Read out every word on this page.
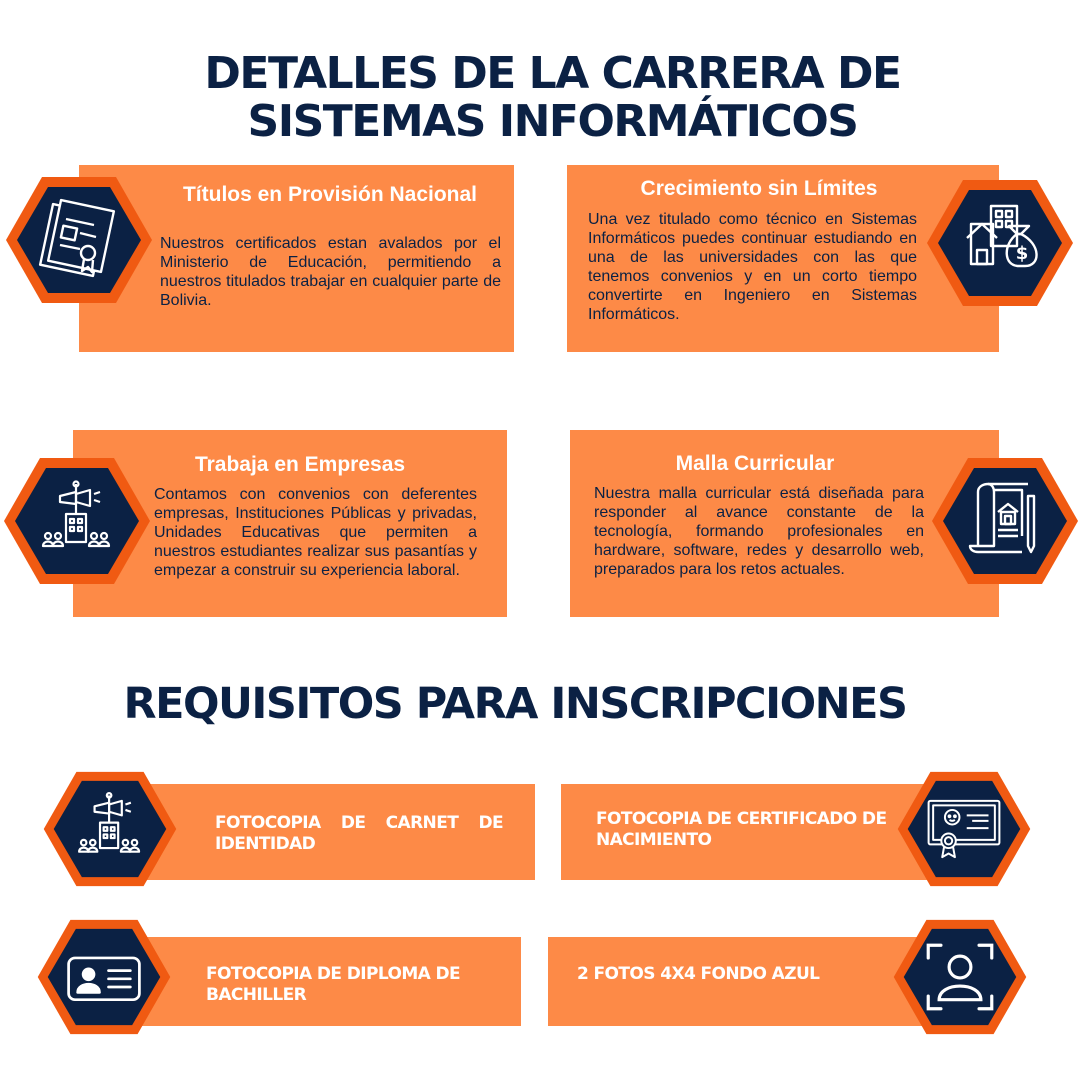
DETALLES DE LA CARRERA DE
SISTEMAS INFORMÁTICOS
Títulos en Provisión Nacional
Nuestros certificados estan avalados por el Ministerio de Educación, permitiendo a nuestros titulados trabajar en cualquier parte de Bolivia.
Crecimiento sin Límites
Una vez titulado como técnico en Sistemas Informáticos puedes continuar estudiando en una de las universidades con las que tenemos convenios y en un corto tiempo convertirte en Ingeniero en Sistemas Informáticos.
$
Trabaja en Empresas
Contamos con convenios con deferentes empresas, Instituciones Públicas y privadas, Unidades Educativas que permiten a nuestros estudiantes realizar sus pasantías y empezar a construir su experiencia laboral.
Malla Curricular
Nuestra malla curricular está diseñada para responder al avance constante de la tecnología, formando profesionales en hardware, software, redes y desarrollo web, preparados para los retos actuales.
REQUISITOS PARA INSCRIPCIONES
FOTOCOPIA DE CARNET DE IDENTIDAD
FOTOCOPIA DE CERTIFICADO DE NACIMIENTO
FOTOCOPIA DE DIPLOMA DE BACHILLER
2 FOTOS 4X4 FONDO AZUL
